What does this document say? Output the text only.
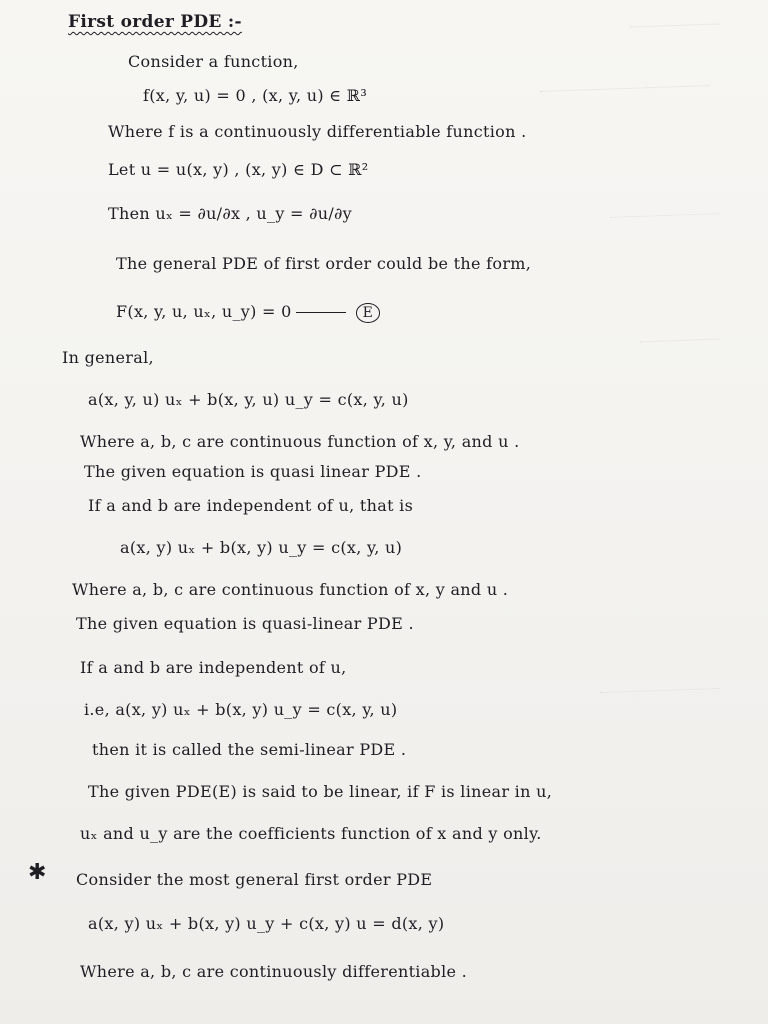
First order PDE :-
Consider a function,
f(x, y, u) = 0 , (x, y, u) ∈ ℝ³
Where f is a continuously differentiable function .
Let u = u(x, y) , (x, y) ∈ D ⊂ ℝ²
Then uₓ = ∂u/∂x , u_y = ∂u/∂y
The general PDE of first order could be the form,
F(x, y, u, uₓ, u_y) = 0	E
In general,
a(x, y, u) uₓ + b(x, y, u) u_y = c(x, y, u)
Where a, b, c are continuous function of x, y, and u .
The given equation is quasi linear PDE .
If a and b are independent of u, that is
a(x, y) uₓ + b(x, y) u_y = c(x, y, u)
Where a, b, c are continuous function of x, y and u .
The given equation is quasi-linear PDE .
If a and b are independent of u,
i.e, a(x, y) uₓ + b(x, y) u_y = c(x, y, u)
then it is called the semi-linear PDE .
The given PDE(E) is said to be linear, if F is linear in u,
uₓ and u_y are the coefficients function of x and y only.
✱ Consider the most general first order PDE
a(x, y) uₓ + b(x, y) u_y + c(x, y) u = d(x, y)
Where a, b, c are continuously differentiable .
